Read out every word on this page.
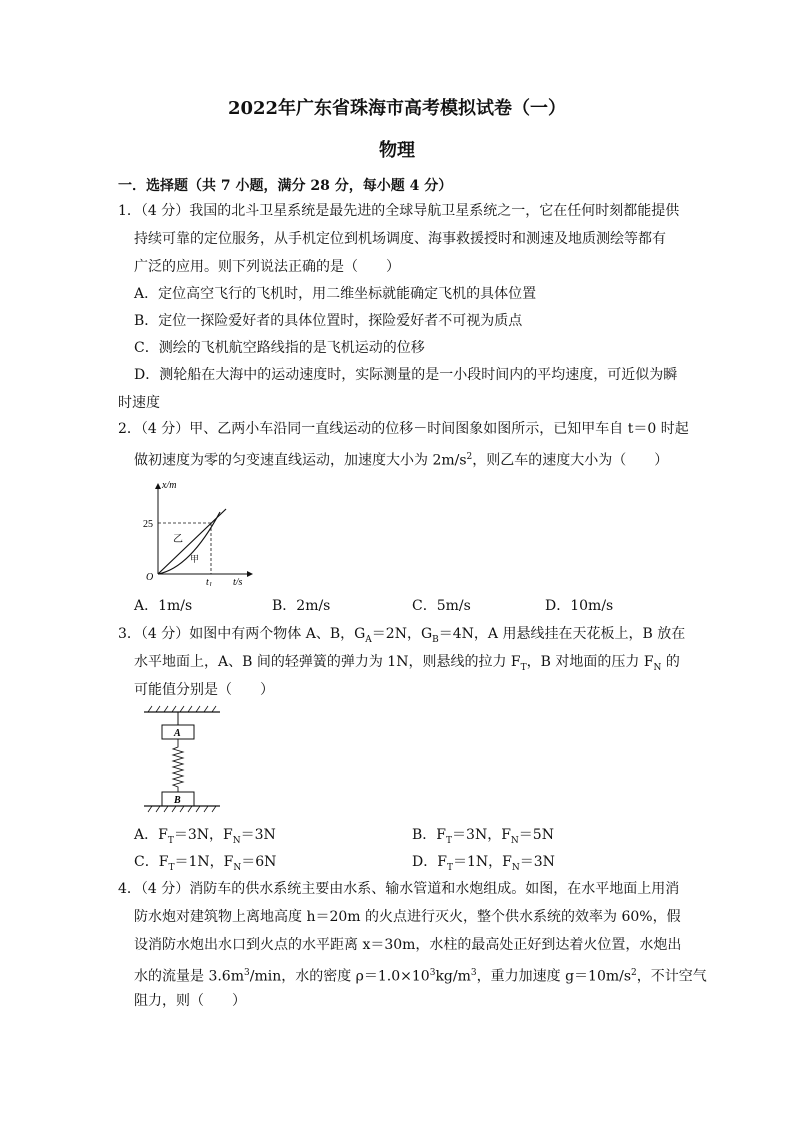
2022年广东省珠海市高考模拟试卷（一）
物理
一．选择题（共 7 小题，满分 28 分，每小题 4 分）
1．（4 分）我国的北斗卫星系统是最先进的全球导航卫星系统之一，它在任何时刻都能提供
持续可靠的定位服务，从手机定位到机场调度、海事救援授时和测速及地质测绘等都有
广泛的应用。则下列说法正确的是（　　）
A．定位高空飞行的飞机时，用二维坐标就能确定飞机的具体位置
B．定位一探险爱好者的具体位置时，探险爱好者不可视为质点
C．测绘的飞机航空路线指的是飞机运动的位移
D．测轮船在大海中的运动速度时，实际测量的是一小段时间内的平均速度，可近似为瞬
时速度
2．（4 分）甲、乙两小车沿同一直线运动的位移－时间图象如图所示，已知甲车自 t＝0 时起
做初速度为零的匀变速直线运动，加速度大小为 $2m/s^2$，则乙车的速度大小为（　　）
x/m
t/s
25
$t_1$
O
乙
甲
A．1m/s	B．2m/s	C．5m/s	D．10m/s
3．（4 分）如图中有两个物体 A、B，$G_A=2N$，$G_B=4N$，A 用悬线挂在天花板上，B 放在
水平地面上，A、B 间的轻弹簧的弹力为 1N，则悬线的拉力 $F_T$，B 对地面的压力 $F_N$ 的
可能值分别是（　　）
A
B
A．$F_T=3N$，$F_N=3N$	B．$F_T=3N$，$F_N=5N$
C．$F_T=1N$，$F_N=6N$	D．$F_T=1N$，$F_N=3N$
4．（4 分）消防车的供水系统主要由水系、输水管道和水炮组成。如图，在水平地面上用消
防水炮对建筑物上离地高度 h＝20m 的火点进行灭火，整个供水系统的效率为 60%，假
设消防水炮出水口到火点的水平距离 x＝30m，水柱的最高处正好到达着火位置，水炮出
水的流量是 $3.6m^3/\min$，水的密度 $\rho=1.0\times 10^3kg/m^3$，重力加速度 $g=10m/s^2$，不计空气
阻力，则（　　）
